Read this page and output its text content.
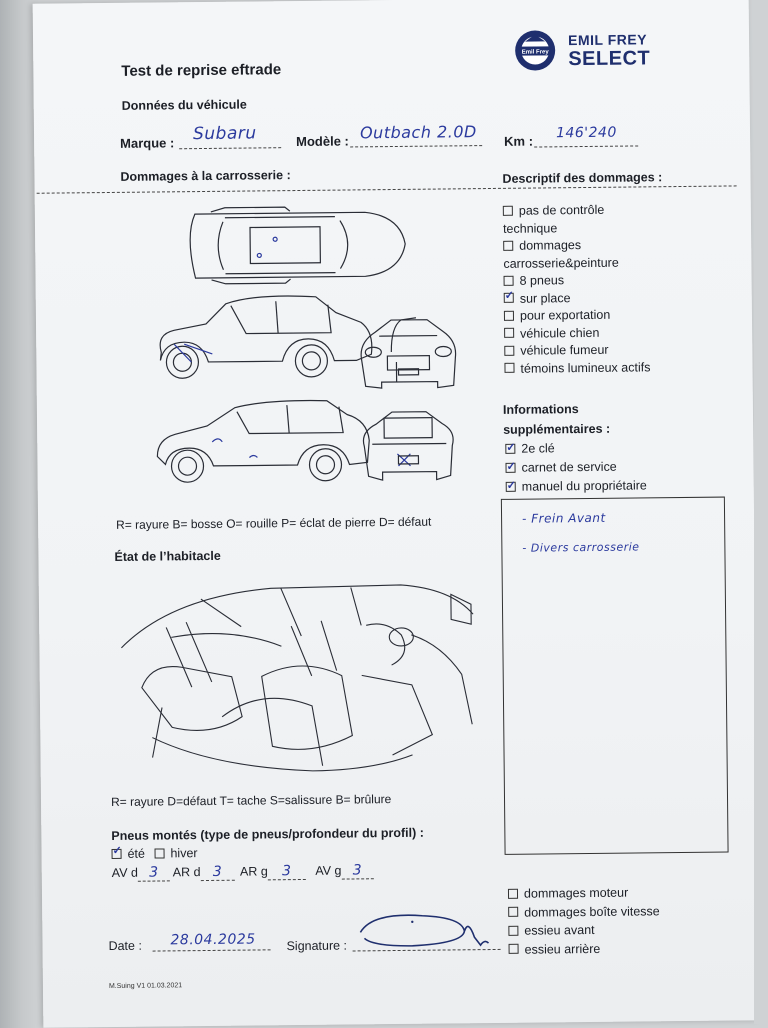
Test de reprise eftrade
Emil Frey
EMIL FREY
SELECT
Données du véhicule
Marque : Subaru	Modèle : Outbach 2.0D Km : 146'240
Dommages à la carrosserie :	Descriptif des dommages :
pas de contrôle
technique
dommages
carrosserie&peinture
8 pneus
✓sur place
pour exportation
véhicule chien
véhicule fumeur
témoins lumineux actifs
Informations
supplémentaires :
✓2e clé
✓carnet de service
✓manuel du propriétaire
- Frein Avant
- Divers carrosserie
R= rayure B= bosse O= rouille P= éclat de pierre D= défaut
État de l’habitacle
R= rayure D=défaut T= tache S=salissure B= brûlure
Pneus montés (type de pneus/profondeur du profil) :
✓été hiver
AV d 3 AR d 3 AR g 3 AV g 3
dommages moteur
dommages boîte vitesse
essieu avant
essieu arrière
Date : 28.04.2025 Signature :
M.Suing V1 01.03.2021
